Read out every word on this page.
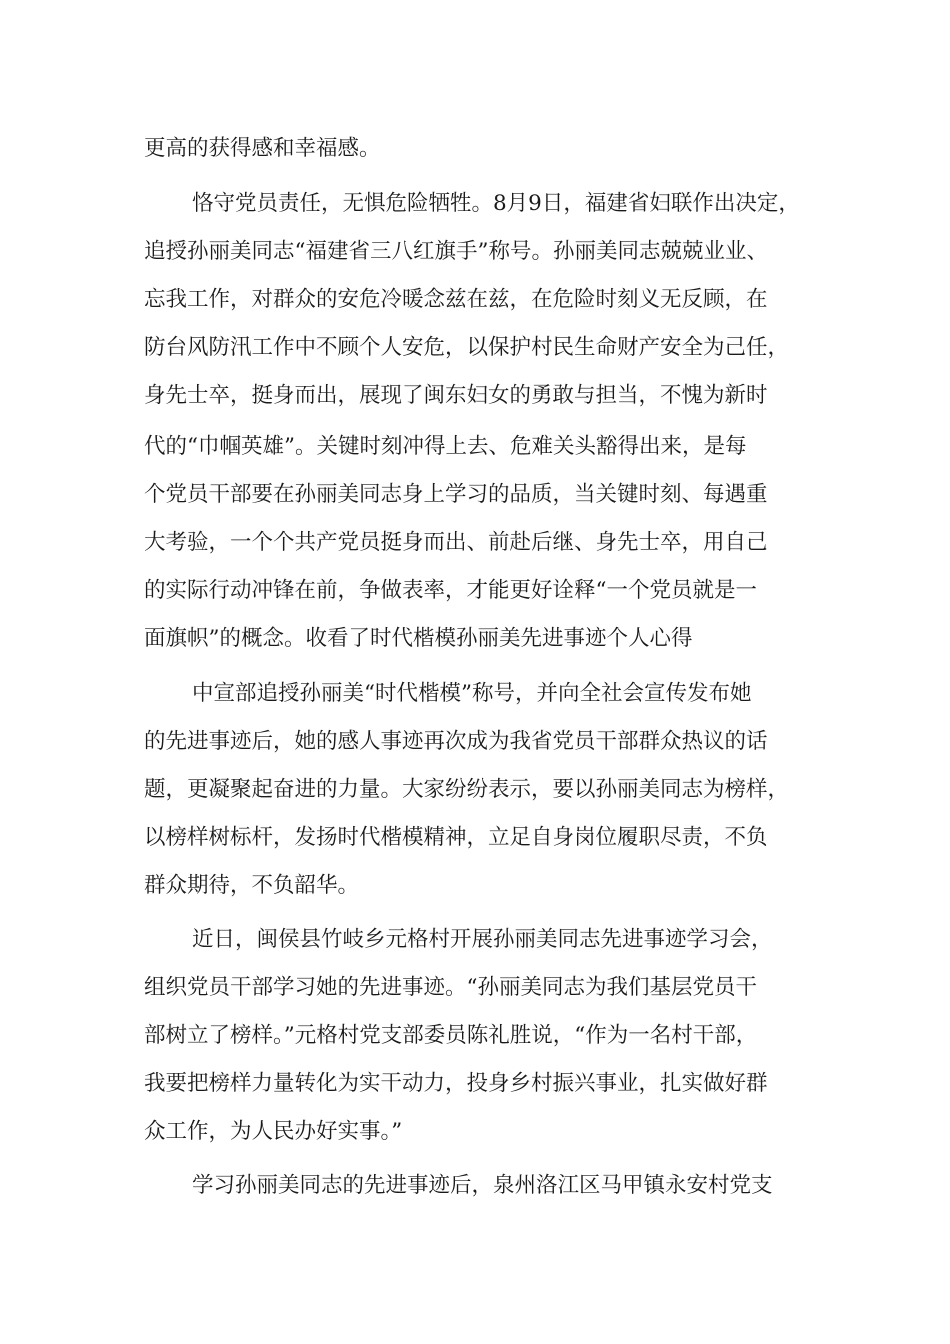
更高的获得感和幸福感。
恪守党员责任，无惧危险牺牲。8月9日，福建省妇联作出决定，
追授孙丽美同志“福建省三八红旗手”称号。孙丽美同志兢兢业业、
忘我工作，对群众的安危冷暖念兹在兹，在危险时刻义无反顾，在
防台风防汛工作中不顾个人安危，以保护村民生命财产安全为己任，
身先士卒，挺身而出，展现了闽东妇女的勇敢与担当，不愧为新时
代的“巾帼英雄”。关键时刻冲得上去、危难关头豁得出来，是每
个党员干部要在孙丽美同志身上学习的品质，当关键时刻、每遇重
大考验，一个个共产党员挺身而出、前赴后继、身先士卒，用自己
的实际行动冲锋在前，争做表率，才能更好诠释“一个党员就是一
面旗帜”的概念。收看了时代楷模孙丽美先进事迹个人心得
中宣部追授孙丽美“时代楷模”称号，并向全社会宣传发布她
的先进事迹后，她的感人事迹再次成为我省党员干部群众热议的话
题，更凝聚起奋进的力量。大家纷纷表示，要以孙丽美同志为榜样，
以榜样树标杆，发扬时代楷模精神，立足自身岗位履职尽责，不负
群众期待，不负韶华。
近日，闽侯县竹岐乡元格村开展孙丽美同志先进事迹学习会，
组织党员干部学习她的先进事迹。“孙丽美同志为我们基层党员干
部树立了榜样。”元格村党支部委员陈礼胜说，“作为一名村干部，
我要把榜样力量转化为实干动力，投身乡村振兴事业，扎实做好群
众工作，为人民办好实事。”
学习孙丽美同志的先进事迹后，泉州洛江区马甲镇永安村党支
